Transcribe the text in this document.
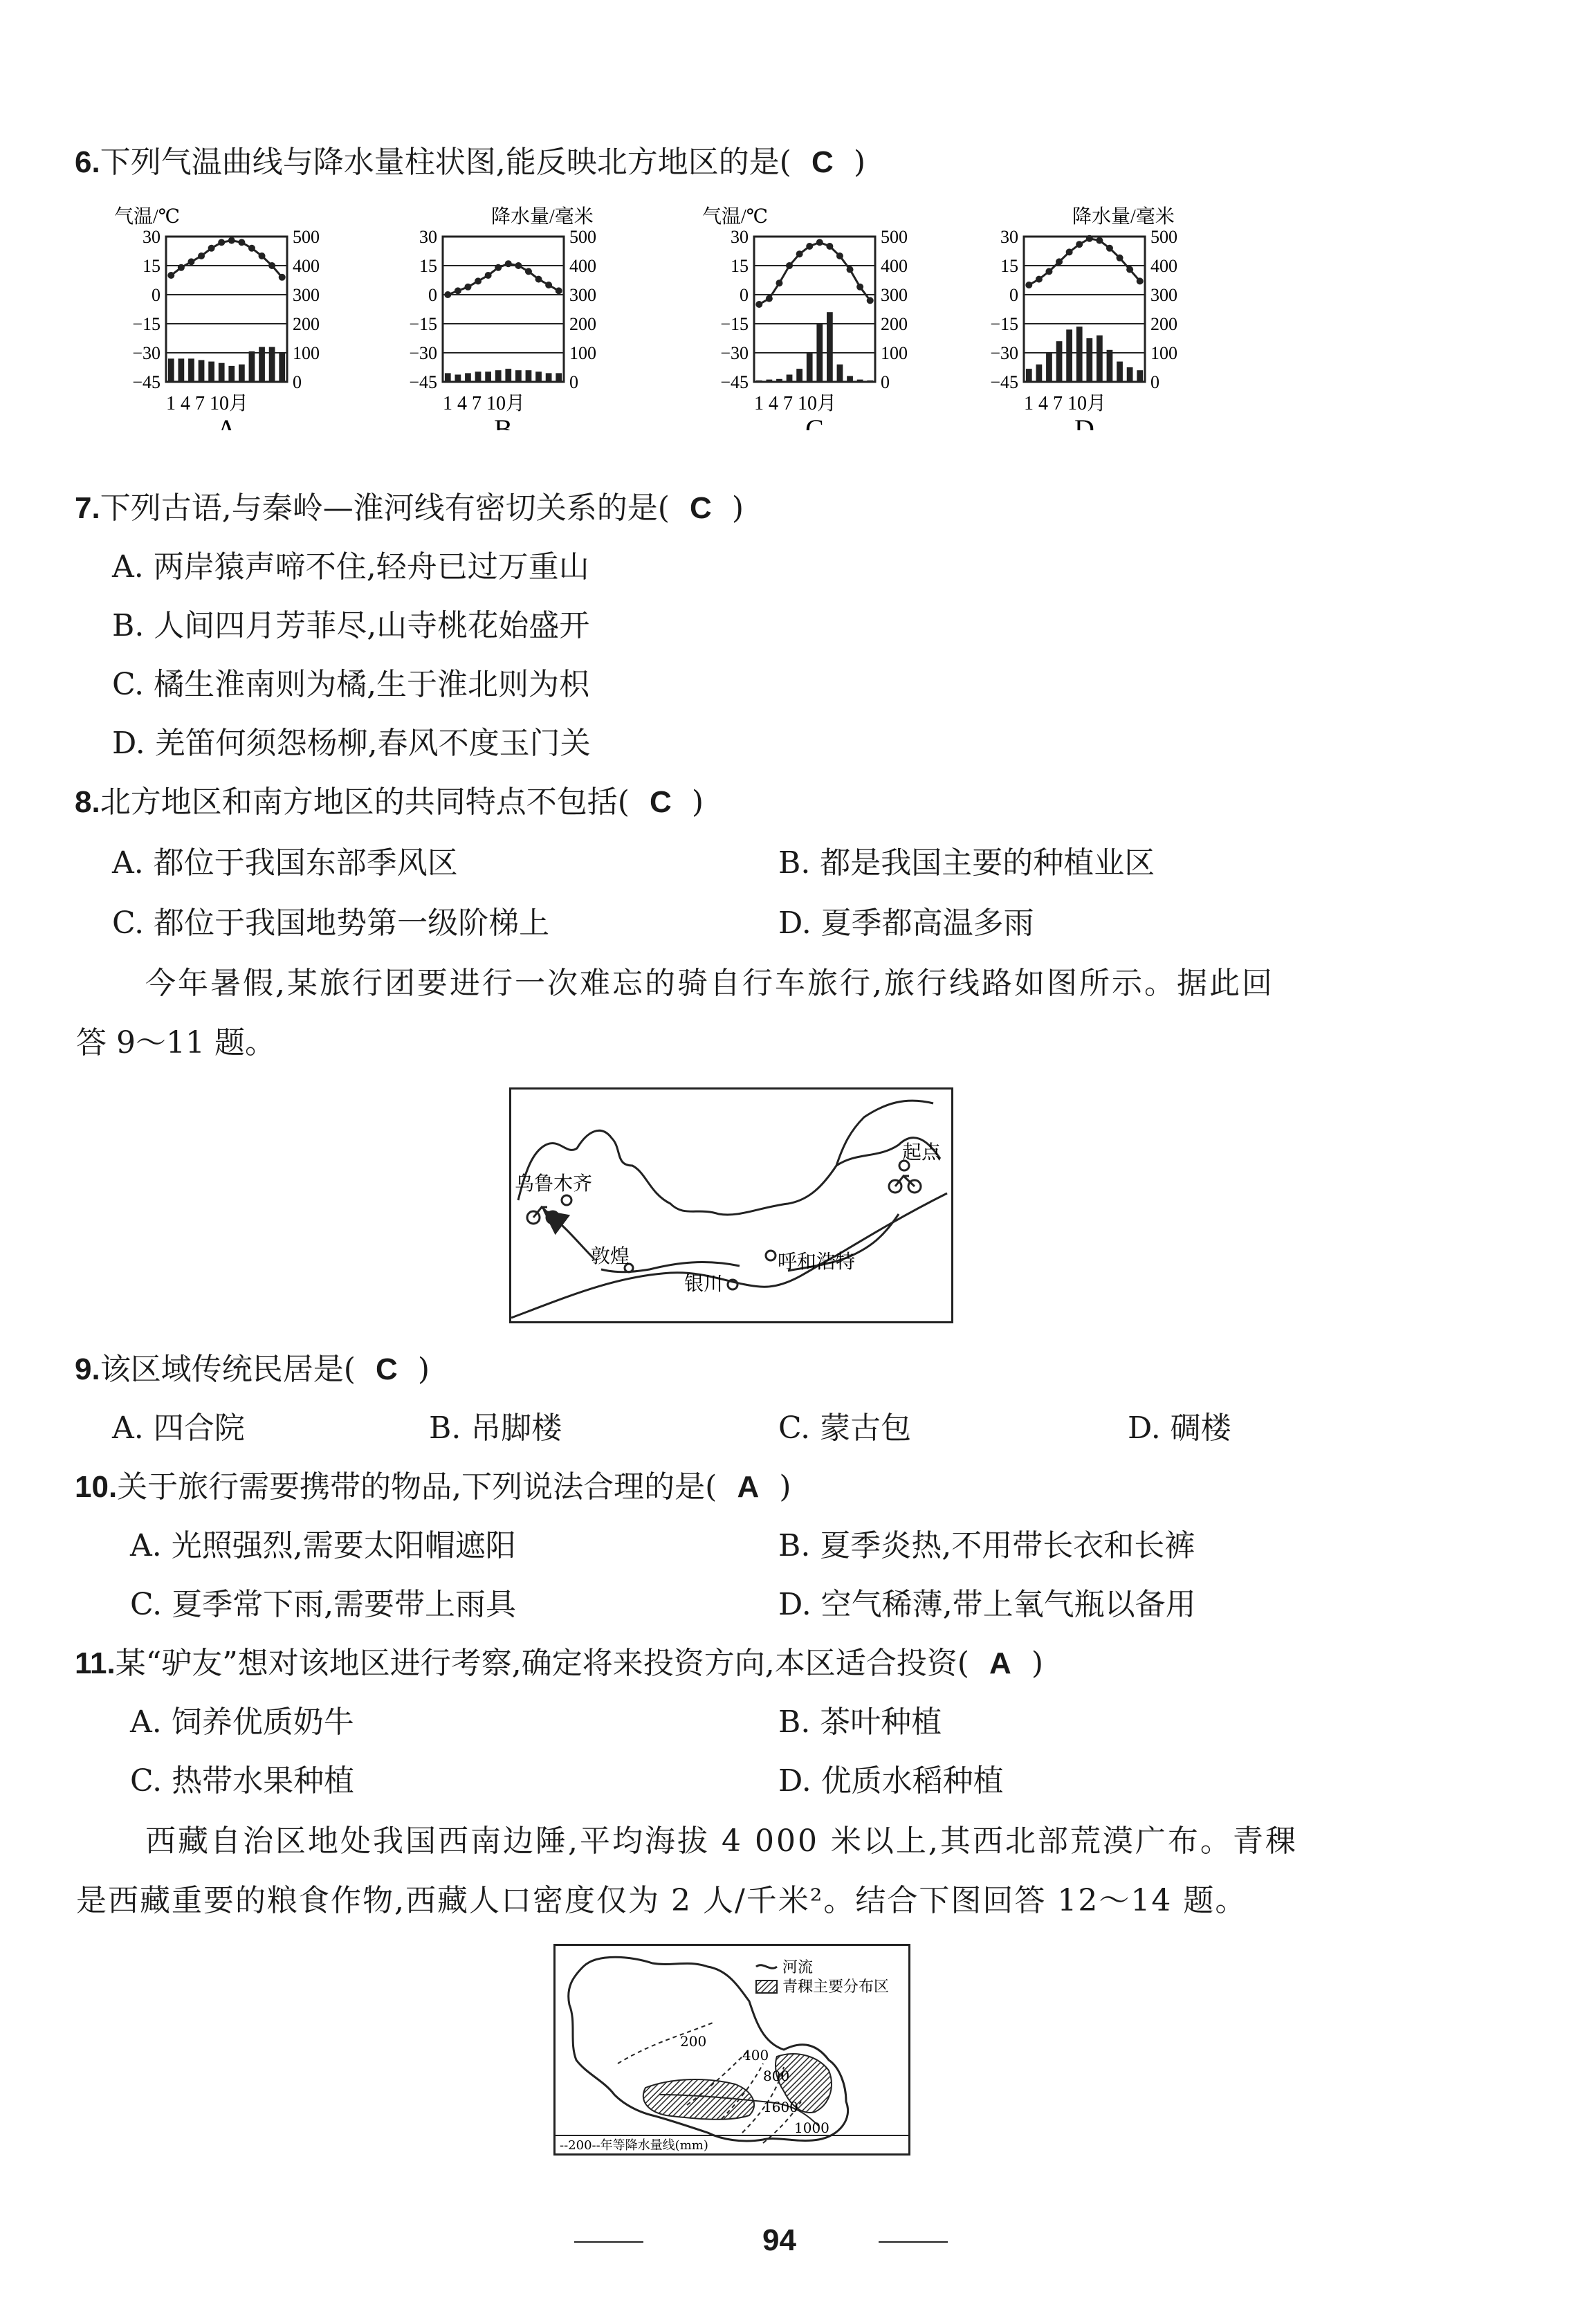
6.下列气温曲线与降水量柱状图,能反映北方地区的是( C )
气温/℃
30	500
15	400
0	300
−15	200
−30	100
−45	0
1 4 7 10月
A
降水量/毫米
30	500
15	400
0	300
−15	200
−30	100
−45	0
1 4 7 10月
B
气温/℃
30	500
15	400
0	300
−15	200
−30	100
−45	0
1 4 7 10月
C
降水量/毫米
30	500
15	400
0	300
−15	200
−30	100
−45	0
1 4 7 10月
D
7.下列古语,与秦岭—淮河线有密切关系的是( C )
A. 两岸猿声啼不住,轻舟已过万重山
B. 人间四月芳菲尽,山寺桃花始盛开
C. 橘生淮南则为橘,生于淮北则为枳
D. 羌笛何须怨杨柳,春风不度玉门关
8.北方地区和南方地区的共同特点不包括( C )
A. 都位于我国东部季风区	B. 都是我国主要的种植业区
C. 都位于我国地势第一级阶梯上	D. 夏季都高温多雨
今年暑假,某旅行团要进行一次难忘的骑自行车旅行,旅行线路如图所示。据此回
答 9～11 题。
起点
乌鲁木齐
敦煌
银川
呼和浩特
9.该区域传统民居是( C )
A. 四合院	B. 吊脚楼	C. 蒙古包	D. 碉楼
10.关于旅行需要携带的物品,下列说法合理的是( A )
A. 光照强烈,需要太阳帽遮阳	B. 夏季炎热,不用带长衣和长裤
C. 夏季常下雨,需要带上雨具	D. 空气稀薄,带上氧气瓶以备用
11.某“驴友”想对该地区进行考察,确定将来投资方向,本区适合投资( A )
A. 饲养优质奶牛	B. 茶叶种植
C. 热带水果种植	D. 优质水稻种植
西藏自治区地处我国西南边陲,平均海拔 4 000 米以上,其西北部荒漠广布。青稞
是西藏重要的粮食作物,西藏人口密度仅为 2 人/千米²。结合下图回答 12～14 题。
200
400
800
1600
1000
河流
青稞主要分布区
--200--年等降水量线(mm)
94
